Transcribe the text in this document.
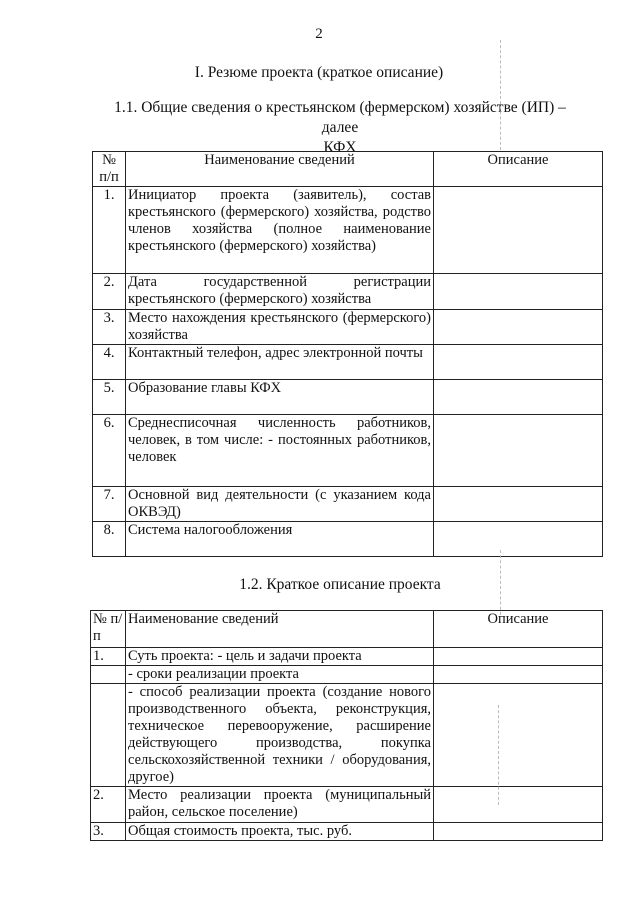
2
I. Резюме проекта (краткое описание)
1.1. Общие сведения о крестьянском (фермерском) хозяйстве (ИП) – далее
КФХ
№ п/п	Наименование сведений	Описание
1.	Инициатор проекта (заявитель), состав крестьянского (фермерского) хозяйства, родство членов хозяйства (полное наименование крестьянского (фермерского) хозяйства)	
2.	Дата государственной регистрации крестьянского (фермерского) хозяйства	
3.	Место нахождения крестьянского (фермерского) хозяйства	
4.	Контактный телефон, адрес электронной почты	
5.	Образование главы КФХ	
6.	Среднесписочная численность работников, человек, в том числе: - постоянных работников, человек	
7.	Основной вид деятельности (с указанием кода ОКВЭД)	
8.	Система налогообложения	
1.2. Краткое описание проекта
№ п/п	Наименование сведений	Описание
1.	Суть проекта: - цель и задачи проекта	
	- сроки реализации проекта	
	- способ реализации проекта (создание нового производственного объекта, реконструкция, техническое перевооружение, расширение действующего производства, покупка сельскохозяйственной техники / оборудования, другое)	
2.	Место реализации проекта (муниципальный район, сельское поселение)	
3.	Общая стоимость проекта, тыс. руб.	
